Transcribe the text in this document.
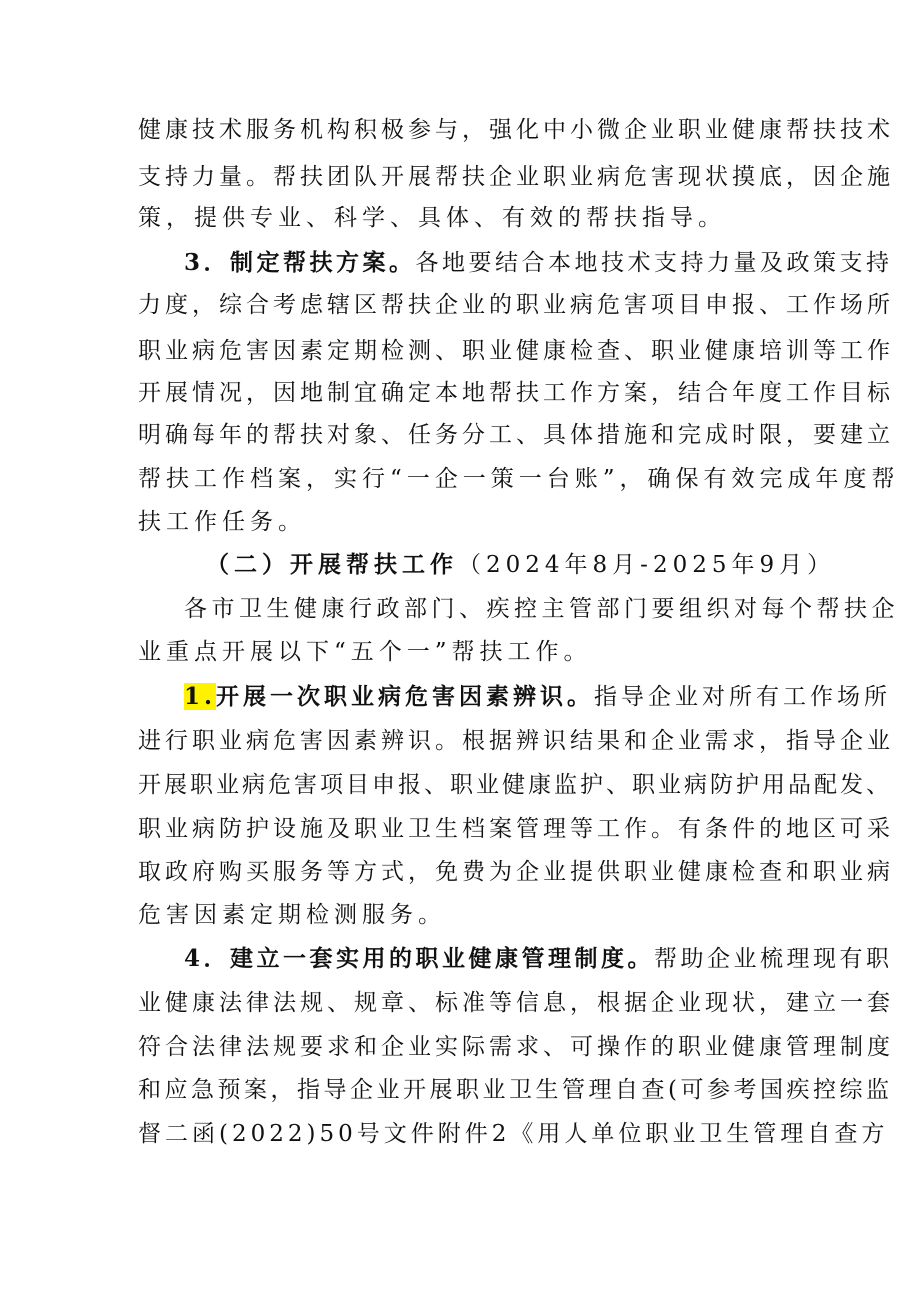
健康技术服务机构积极参与，强化中小微企业职业健康帮扶技术
支持力量。帮扶团队开展帮扶企业职业病危害现状摸底，因企施
策，提供专业、科学、具体、有效的帮扶指导。
3．制定帮扶方案。各地要结合本地技术支持力量及政策支持
力度，综合考虑辖区帮扶企业的职业病危害项目申报、工作场所
职业病危害因素定期检测、职业健康检查、职业健康培训等工作
开展情况，因地制宜确定本地帮扶工作方案，结合年度工作目标
明确每年的帮扶对象、任务分工、具体措施和完成时限，要建立
帮扶工作档案，实行“一企一策一台账”，确保有效完成年度帮
扶工作任务。
（二）开展帮扶工作（2024年8月-2025年9月）
各市卫生健康行政部门、疾控主管部门要组织对每个帮扶企
业重点开展以下“五个一”帮扶工作。
1.开展一次职业病危害因素辨识。指导企业对所有工作场所
进行职业病危害因素辨识。根据辨识结果和企业需求，指导企业
开展职业病危害项目申报、职业健康监护、职业病防护用品配发、
职业病防护设施及职业卫生档案管理等工作。有条件的地区可采
取政府购买服务等方式，免费为企业提供职业健康检查和职业病
危害因素定期检测服务。
4．建立一套实用的职业健康管理制度。帮助企业梳理现有职
业健康法律法规、规章、标准等信息，根据企业现状，建立一套
符合法律法规要求和企业实际需求、可操作的职业健康管理制度
和应急预案，指导企业开展职业卫生管理自查(可参考国疾控综监
督二函(2022)50号文件附件2《用人单位职业卫生管理自查方
